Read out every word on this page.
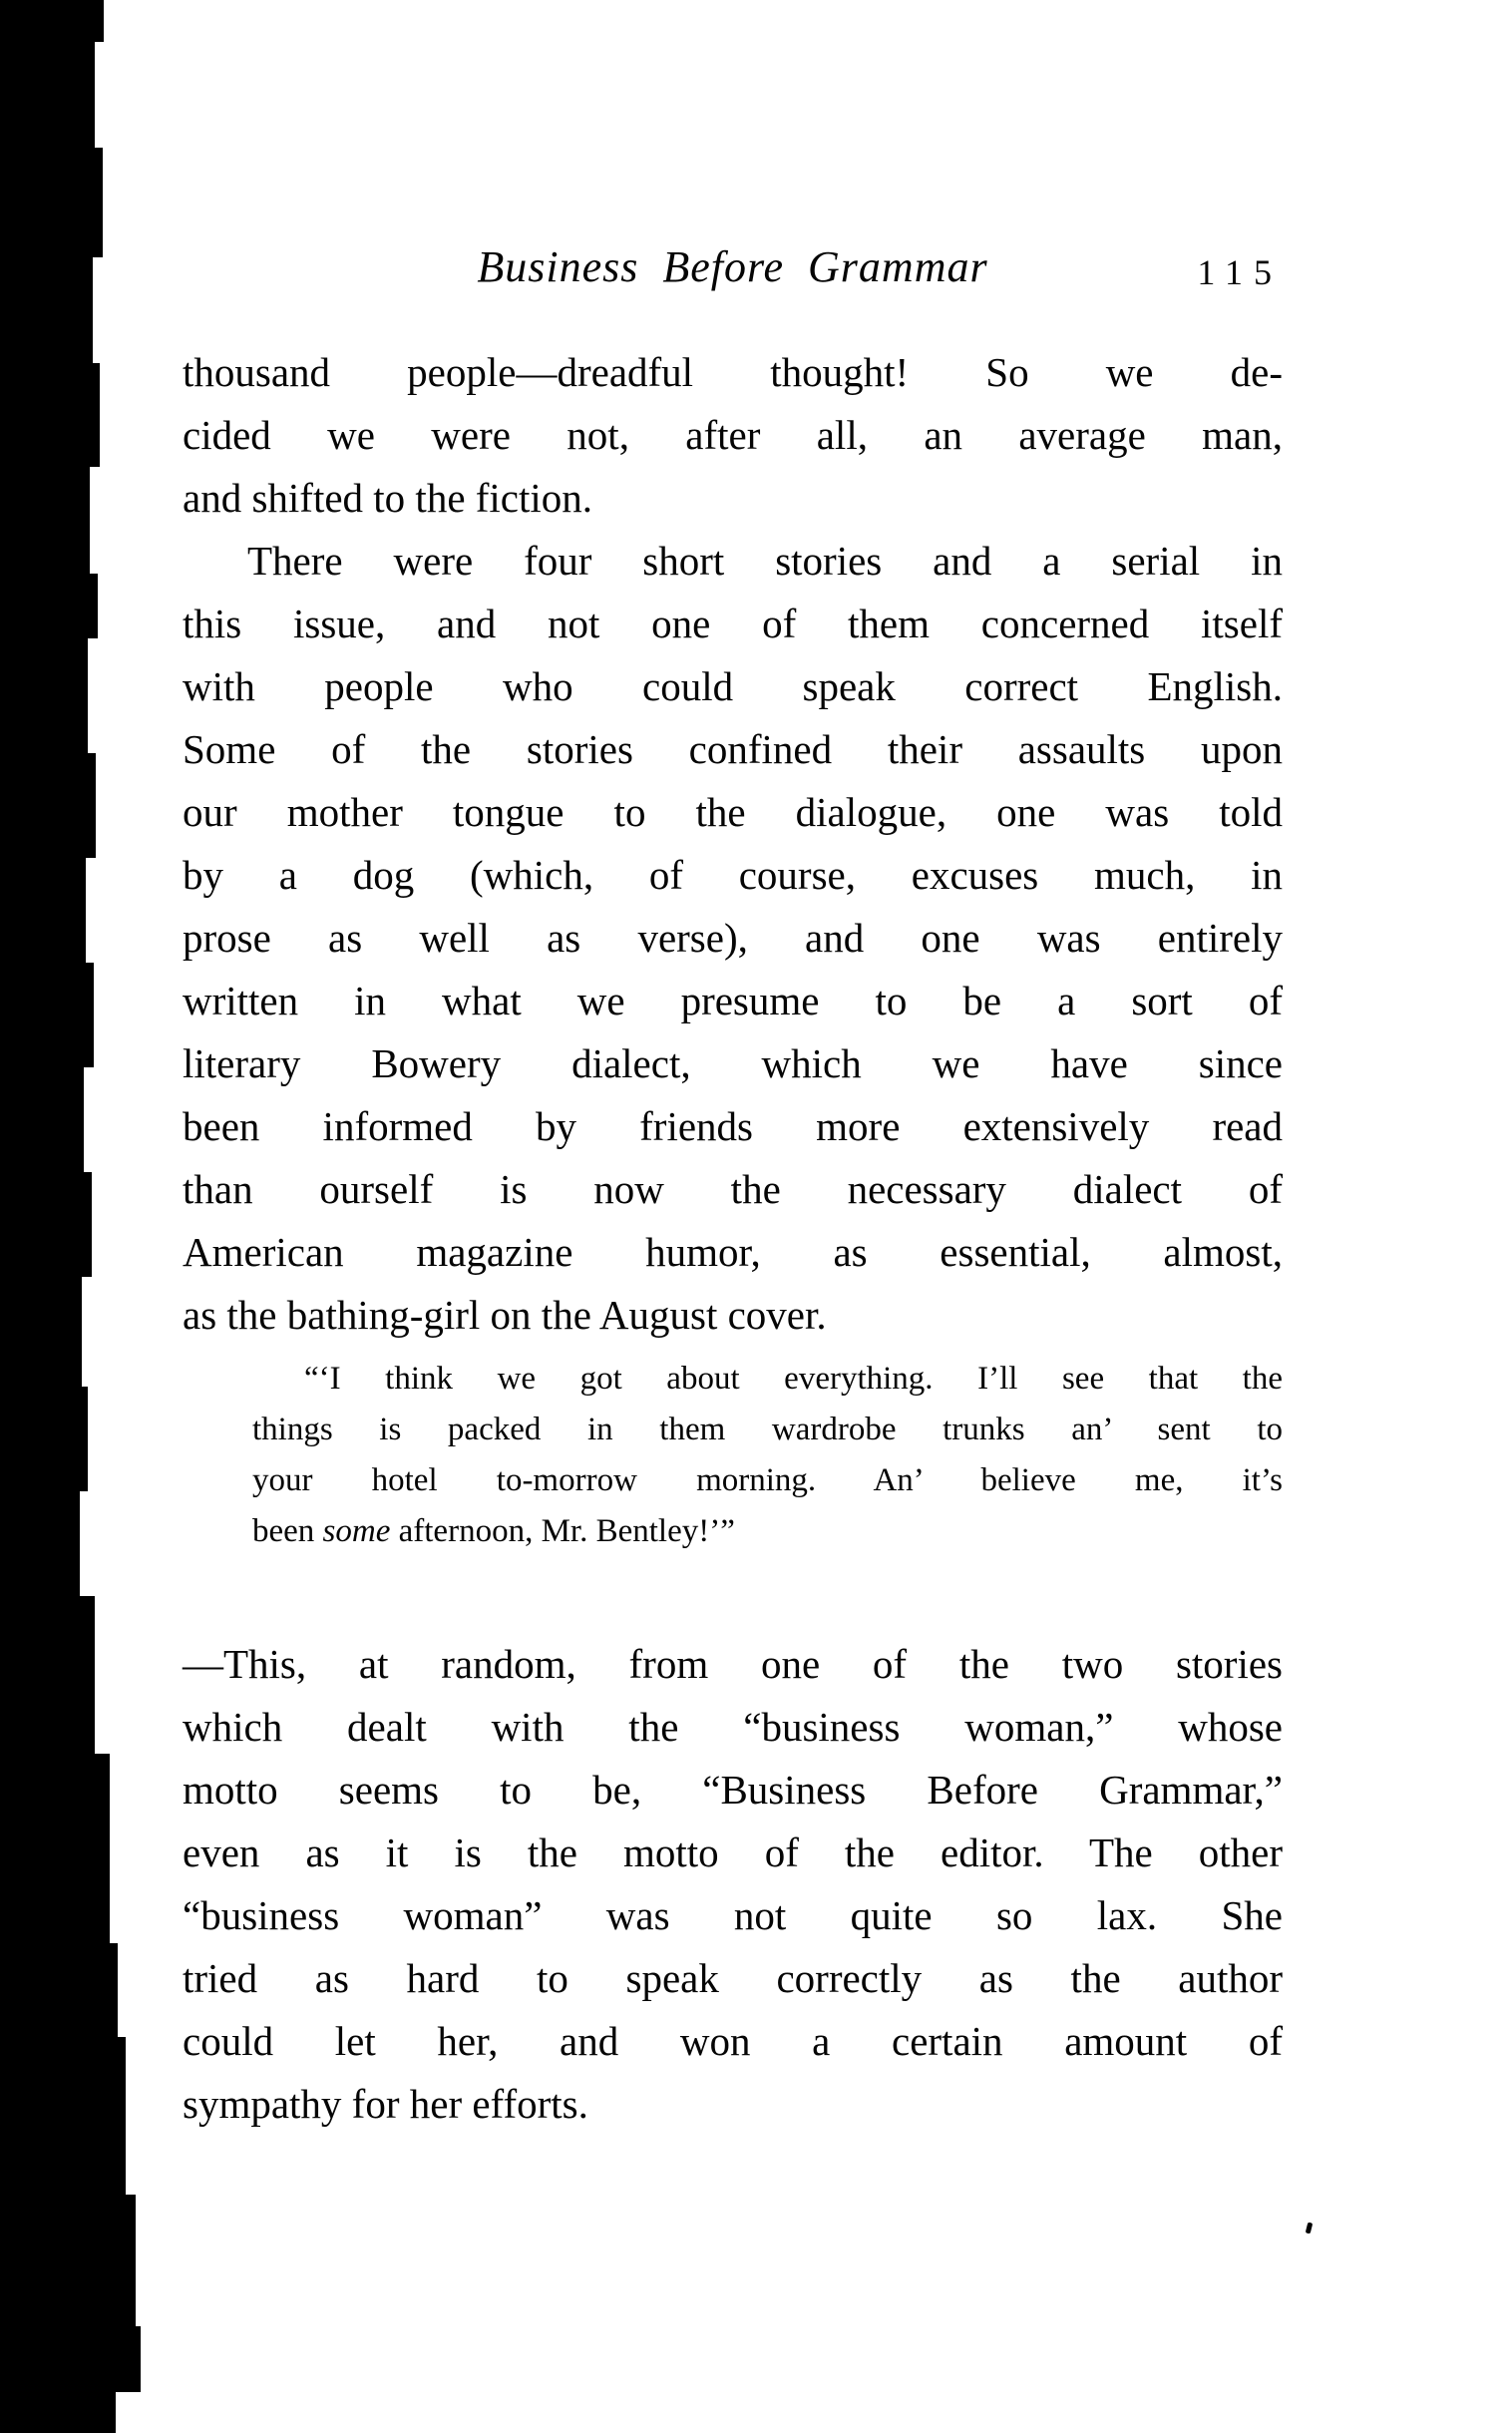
Business Before Grammar	115
thousand people—dreadful thought! So we de-
cided we were not, after all, an average man,
and shifted to the fiction.
There were four short stories and a serial in
this issue, and not one of them concerned itself
with people who could speak correct English.
Some of the stories confined their assaults upon
our mother tongue to the dialogue, one was told
by a dog (which, of course, excuses much, in
prose as well as verse), and one was entirely
written in what we presume to be a sort of
literary Bowery dialect, which we have since
been informed by friends more extensively read
than ourself is now the necessary dialect of
American magazine humor, as essential, almost,
as the bathing-girl on the August cover.
“‘I think we got about everything. I’ll see that the
things is packed in them wardrobe trunks an’ sent to
your hotel to-morrow morning. An’ believe me, it’s
been some afternoon, Mr. Bentley!’”
—This, at random, from one of the two stories
which dealt with the “business woman,” whose
motto seems to be, “Business Before Grammar,”
even as it is the motto of the editor. The other
“business woman” was not quite so lax. She
tried as hard to speak correctly as the author
could let her, and won a certain amount of
sympathy for her efforts.
